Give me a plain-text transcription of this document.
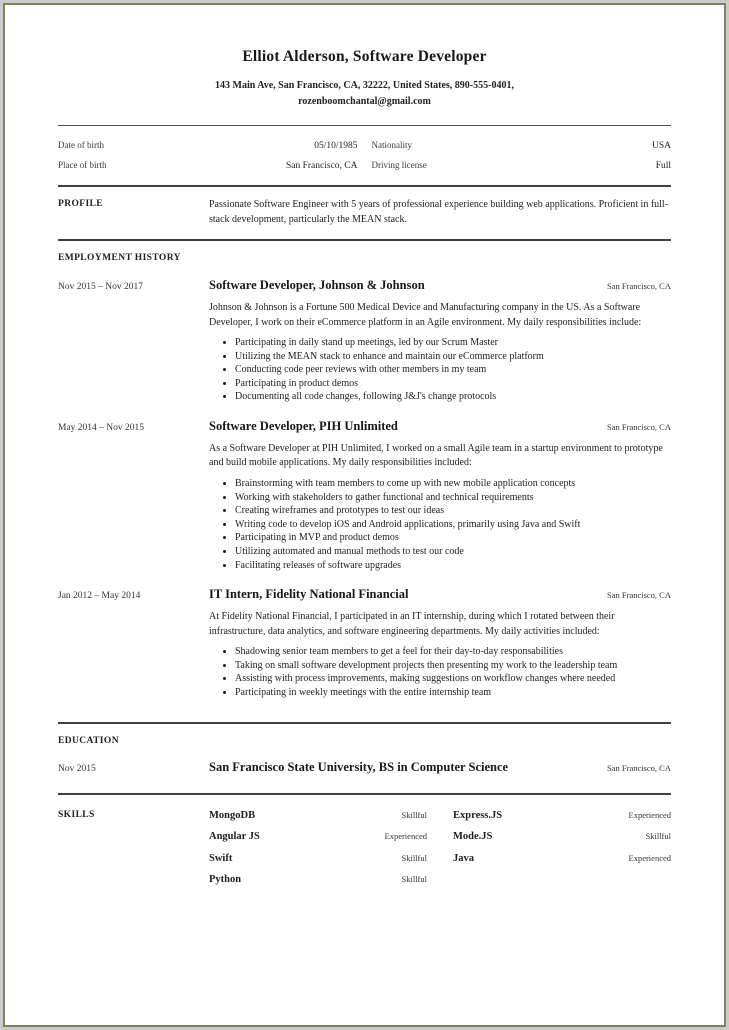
Elliot Alderson, Software Developer
143 Main Ave, San Francisco, CA, 32222, United States, 890-555-0401,
rozenboomchantal@gmail.com
Date of birth	05/10/1985 Nationality	USA
Place of birth	San Francisco, CA Driving license	Full
PROFILE	Passionate Software Engineer with 5 years of professional experience building web applications. Proficient in full-stack development, particularly the MEAN stack.
EMPLOYMENT HISTORY
Nov 2015 – Nov 2017	Software Developer, Johnson & Johnson	San Francisco, CA
Johnson & Johnson is a Fortune 500 Medical Device and Manufacturing company in the US. As a Software Developer, I work on their eCommerce platform in an Agile environment. My daily responsibilities include:
• Participating in daily stand up meetings, led by our Scrum Master
• Utilizing the MEAN stack to enhance and maintain our eCommerce platform
• Conducting code peer reviews with other members in my team
• Participating in product demos
• Documenting all code changes, following J&J's change protocols
May 2014 – Nov 2015	Software Developer, PIH Unlimited	San Francisco, CA
As a Software Developer at PIH Unlimited, I worked on a small Agile team in a startup environment to prototype and build mobile applications. My daily responsibilities included:
• Brainstorming with team members to come up with new mobile application concepts
• Working with stakeholders to gather functional and technical requirements
• Creating wireframes and prototypes to test our ideas
• Writing code to develop iOS and Android applications, primarily using Java and Swift
• Participating in MVP and product demos
• Utilizing automated and manual methods to test our code
• Facilitating releases of software upgrades
Jan 2012 – May 2014	IT Intern, Fidelity National Financial	San Francisco, CA
At Fidelity National Financial, I participated in an IT internship, during which I rotated between their infrastructure, data analytics, and software engineering departments. My daily activities included:
• Shadowing senior team members to get a feel for their day-to-day responsabilities
• Taking on small software development projects then presenting my work to the leadership team
• Assisting with process improvements, making suggestions on workflow changes where needed
• Participating in weekly meetings with the entire internship team
EDUCATION
Nov 2015	San Francisco State University, BS in Computer Science	San Francisco, CA
SKILLS	MongoDB	Skillful
Angular JS	Experienced
Swift	Skillful
Python	Skillful
Express.JS	Experienced
Mode.JS	Skillful
Java	Experienced
